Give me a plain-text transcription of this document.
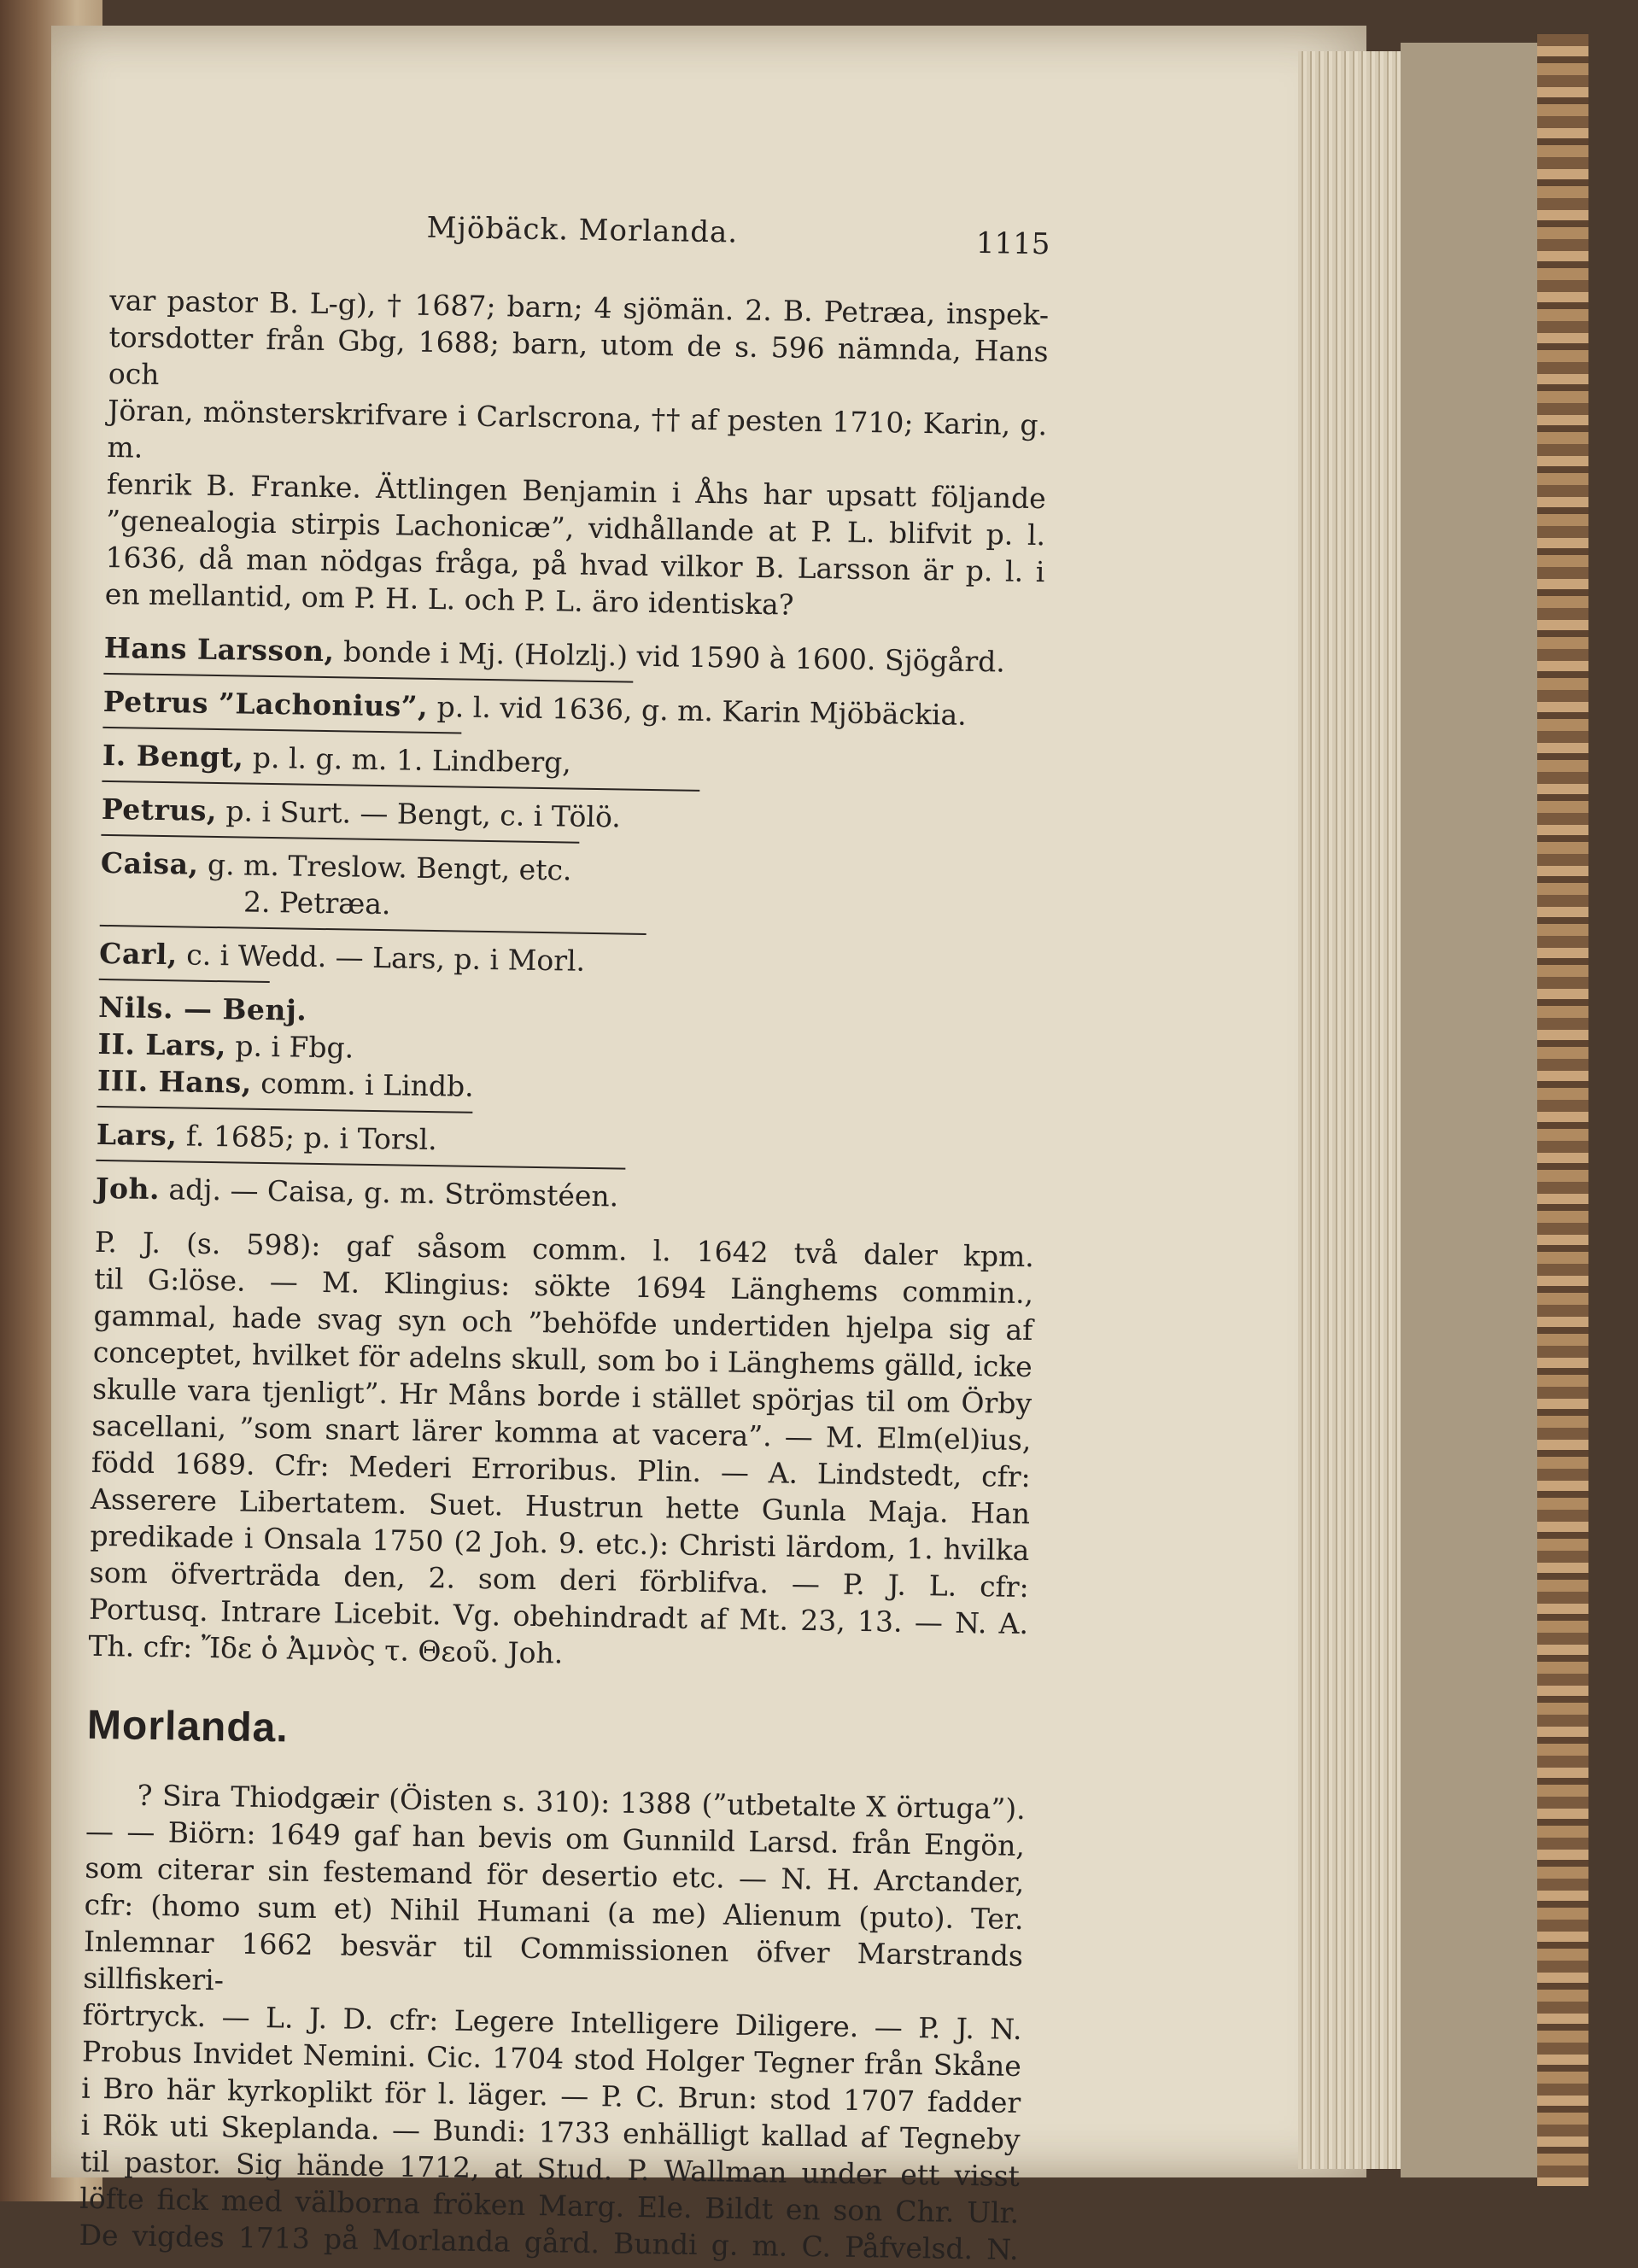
Mjöbäck. Morlanda.	1115
var pastor B. L-g), † 1687; barn; 4 sjömän. 2. B. Petræa, inspek-
torsdotter från Gbg, 1688; barn, utom de s. 596 nämnda, Hans och
Jöran, mönsterskrifvare i Carlscrona, †† af pesten 1710; Karin, g. m.
fenrik B. Franke. Ättlingen Benjamin i Åhs har upsatt följande
”genealogia stirpis Lachonicæ”, vidhållande at P. L. blifvit p. l.
1636, då man nödgas fråga, på hvad vilkor B. Larsson är p. l. i
en mellantid, om P. H. L. och P. L. äro identiska?
Hans Larsson, bonde i Mj. (Holzlj.) vid 1590 à 1600. Sjögård.
Petrus ”Lachonius”, p. l. vid 1636, g. m. Karin Mjöbäckia.
I. Bengt, p. l. g. m. 1. Lindberg,
Petrus, p. i Surt. — Bengt, c. i Tölö.
Caisa, g. m. Treslow. Bengt, etc.
2. Petræa.
Carl, c. i Wedd. — Lars, p. i Morl.
Nils. — Benj.
II. Lars, p. i Fbg.
III. Hans, comm. i Lindb.
Lars, f. 1685; p. i Torsl.
Joh. adj. — Caisa, g. m. Strömstéen.
P. J. (s. 598): gaf såsom comm. l. 1642 två daler kpm.
til G:löse. — M. Klingius: sökte 1694 Länghems commin.,
gammal, hade svag syn och ”behöfde undertiden hjelpa sig af
conceptet, hvilket för adelns skull, som bo i Länghems gälld, icke
skulle vara tjenligt”. Hr Måns borde i stället spörjas til om Örby
sacellani, ”som snart lärer komma at vacera”. — M. Elm(el)ius,
född 1689. Cfr: Mederi Erroribus. Plin. — A. Lindstedt, cfr:
Asserere Libertatem. Suet. Hustrun hette Gunla Maja. Han
predikade i Onsala 1750 (2 Joh. 9. etc.): Christi lärdom, 1. hvilka
som öfverträda den, 2. som deri förblifva. — P. J. L. cfr:
Portusq. Intrare Licebit. Vg. obehindradt af Mt. 23, 13. — N. A.
Th. cfr: Ἴδε ὁ Ἀμνὸς τ. Θεοῦ. Joh.
Morlanda.
? Sira Thiodgæir (Öisten s. 310): 1388 (”utbetalte X örtuga”).
— — Biörn: 1649 gaf han bevis om Gunnild Larsd. från Engön,
som citerar sin festemand för desertio etc. — N. H. Arctander,
cfr: (homo sum et) Nihil Humani (a me) Alienum (puto). Ter.
Inlemnar 1662 besvär til Commissionen öfver Marstrands sillfiskeri-
förtryck. — L. J. D. cfr: Legere Intelligere Diligere. — P. J. N.
Probus Invidet Nemini. Cic. 1704 stod Holger Tegner från Skåne
i Bro här kyrkoplikt för l. läger. — P. C. Brun: stod 1707 fadder
i Rök uti Skeplanda. — Bundi: 1733 enhälligt kallad af Tegneby
til pastor. Sig hände 1712, at Stud. P. Wallman under ett visst
löfte fick med välborna fröken Marg. Ele. Bildt en son Chr. Ulr.
De vigdes 1713 på Morlanda gård. Bundi g. m. C. Påfvelsd. N.
